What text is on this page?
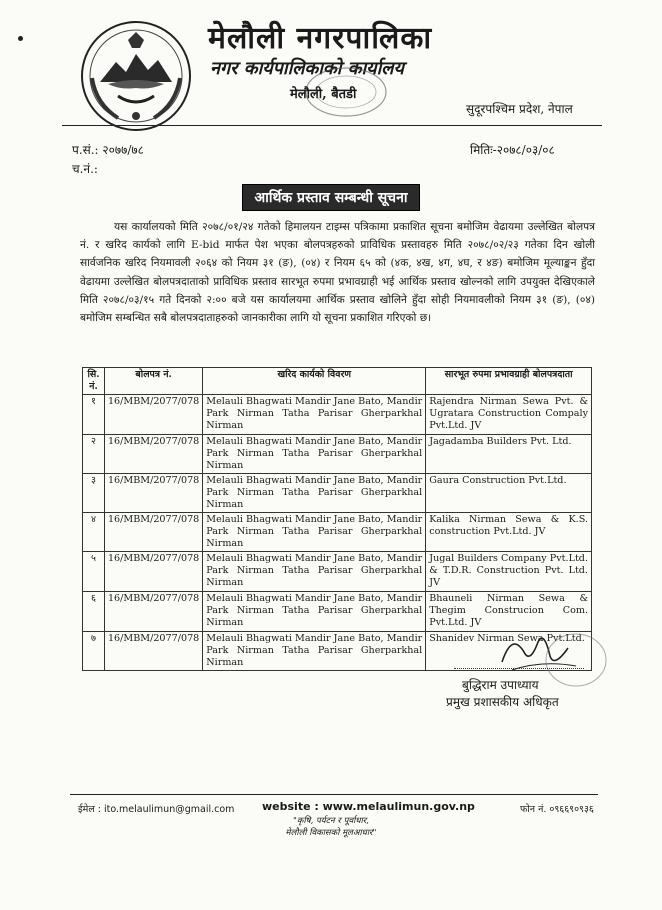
मेलौली नगरपालिका
नगर कार्यपालिकाको कार्यालय
मेलौली, बैतडी
सुदूरपश्चिम प्रदेश, नेपाल
प.सं.: २०७७/७८
च.नं.:
मितिः-२०७८/०३/०८
आर्थिक प्रस्ताव सम्बन्धी सूचना

यस कार्यालयको मिति २०७८/०१/२४ गतेको हिमालयन टाइम्स पत्रिकामा प्रकाशित सूचना बमोजिम वेढायमा उल्लेखित बोलपत्र नं. र खरिद कार्यको लागि E-bid मार्फत पेश भएका बोलपत्रहरुको प्राविधिक प्रस्तावहरु मिति २०७८/०२/२३ गतेका दिन खोली सार्वजनिक खरिद नियमावली २०६४ को नियम ३१ (ङ), (०४) र नियम ६५ को (४क, ४ख, ४ग, ४घ, र ४ङ) बमोजिम मूल्याङ्कन हुँदा वेढायमा उल्लेखित बोलपत्रदाताको प्राविधिक प्रस्ताव सारभूत रुपमा प्रभावग्राही भई आर्थिक प्रस्ताव खोल्नको लागि उपयुक्त देखिएकाले मिति २०७८/०३/१५ गते दिनको २:०० बजे यस कार्यालयमा आर्थिक प्रस्ताव खोलिने हुँदा सोही नियमावलीको नियम ३१ (ङ), (०४) बमोजिम सम्बन्धित सबै बोलपत्रदाताहरुको जानकारीका लागि यो सूचना प्रकाशित गरिएको छ।

सि. नं.	बोलपत्र नं.	खरिद कार्यको विवरण	सारभूत रुपमा प्रभावग्राही बोलपत्रदाता
१	16/MBM/2077/078	Melauli Bhagwati Mandir Jane Bato, Mandir Park Nirman Tatha Parisar Gherparkhal Nirman	Rajendra Nirman Sewa Pvt. & Ugratara Construction Compaly Pvt.Ltd. JV
२	16/MBM/2077/078	Melauli Bhagwati Mandir Jane Bato, Mandir Park Nirman Tatha Parisar Gherparkhal Nirman	Jagadamba Builders Pvt. Ltd.
३	16/MBM/2077/078	Melauli Bhagwati Mandir Jane Bato, Mandir Park Nirman Tatha Parisar Gherparkhal Nirman	Gaura Construction Pvt.Ltd.
४	16/MBM/2077/078	Melauli Bhagwati Mandir Jane Bato, Mandir Park Nirman Tatha Parisar Gherparkhal Nirman	Kalika Nirman Sewa & K.S. construction Pvt.Ltd. JV
५	16/MBM/2077/078	Melauli Bhagwati Mandir Jane Bato, Mandir Park Nirman Tatha Parisar Gherparkhal Nirman	Jugal Builders Company Pvt.Ltd. & T.D.R. Construction Pvt. Ltd. JV
६	16/MBM/2077/078	Melauli Bhagwati Mandir Jane Bato, Mandir Park Nirman Tatha Parisar Gherparkhal Nirman	Bhauneli Nirman Sewa & Thegim Construcion Com. Pvt.Ltd. JV
७	16/MBM/2077/078	Melauli Bhagwati Mandir Jane Bato, Mandir Park Nirman Tatha Parisar Gherparkhal Nirman	Shanidev Nirman Sewa Pvt.Ltd.
बुद्धिराम उपाध्याय
प्रमुख प्रशासकीय अधिकृत
ईमेल : ito.melaulimun@gmail.com	website : www.melaulimun.gov.np	फोन नं. ०९६६९०९३६
"कृषि, पर्यटन र पूर्वाधार,
मेलौली विकासको मूलआधार"
